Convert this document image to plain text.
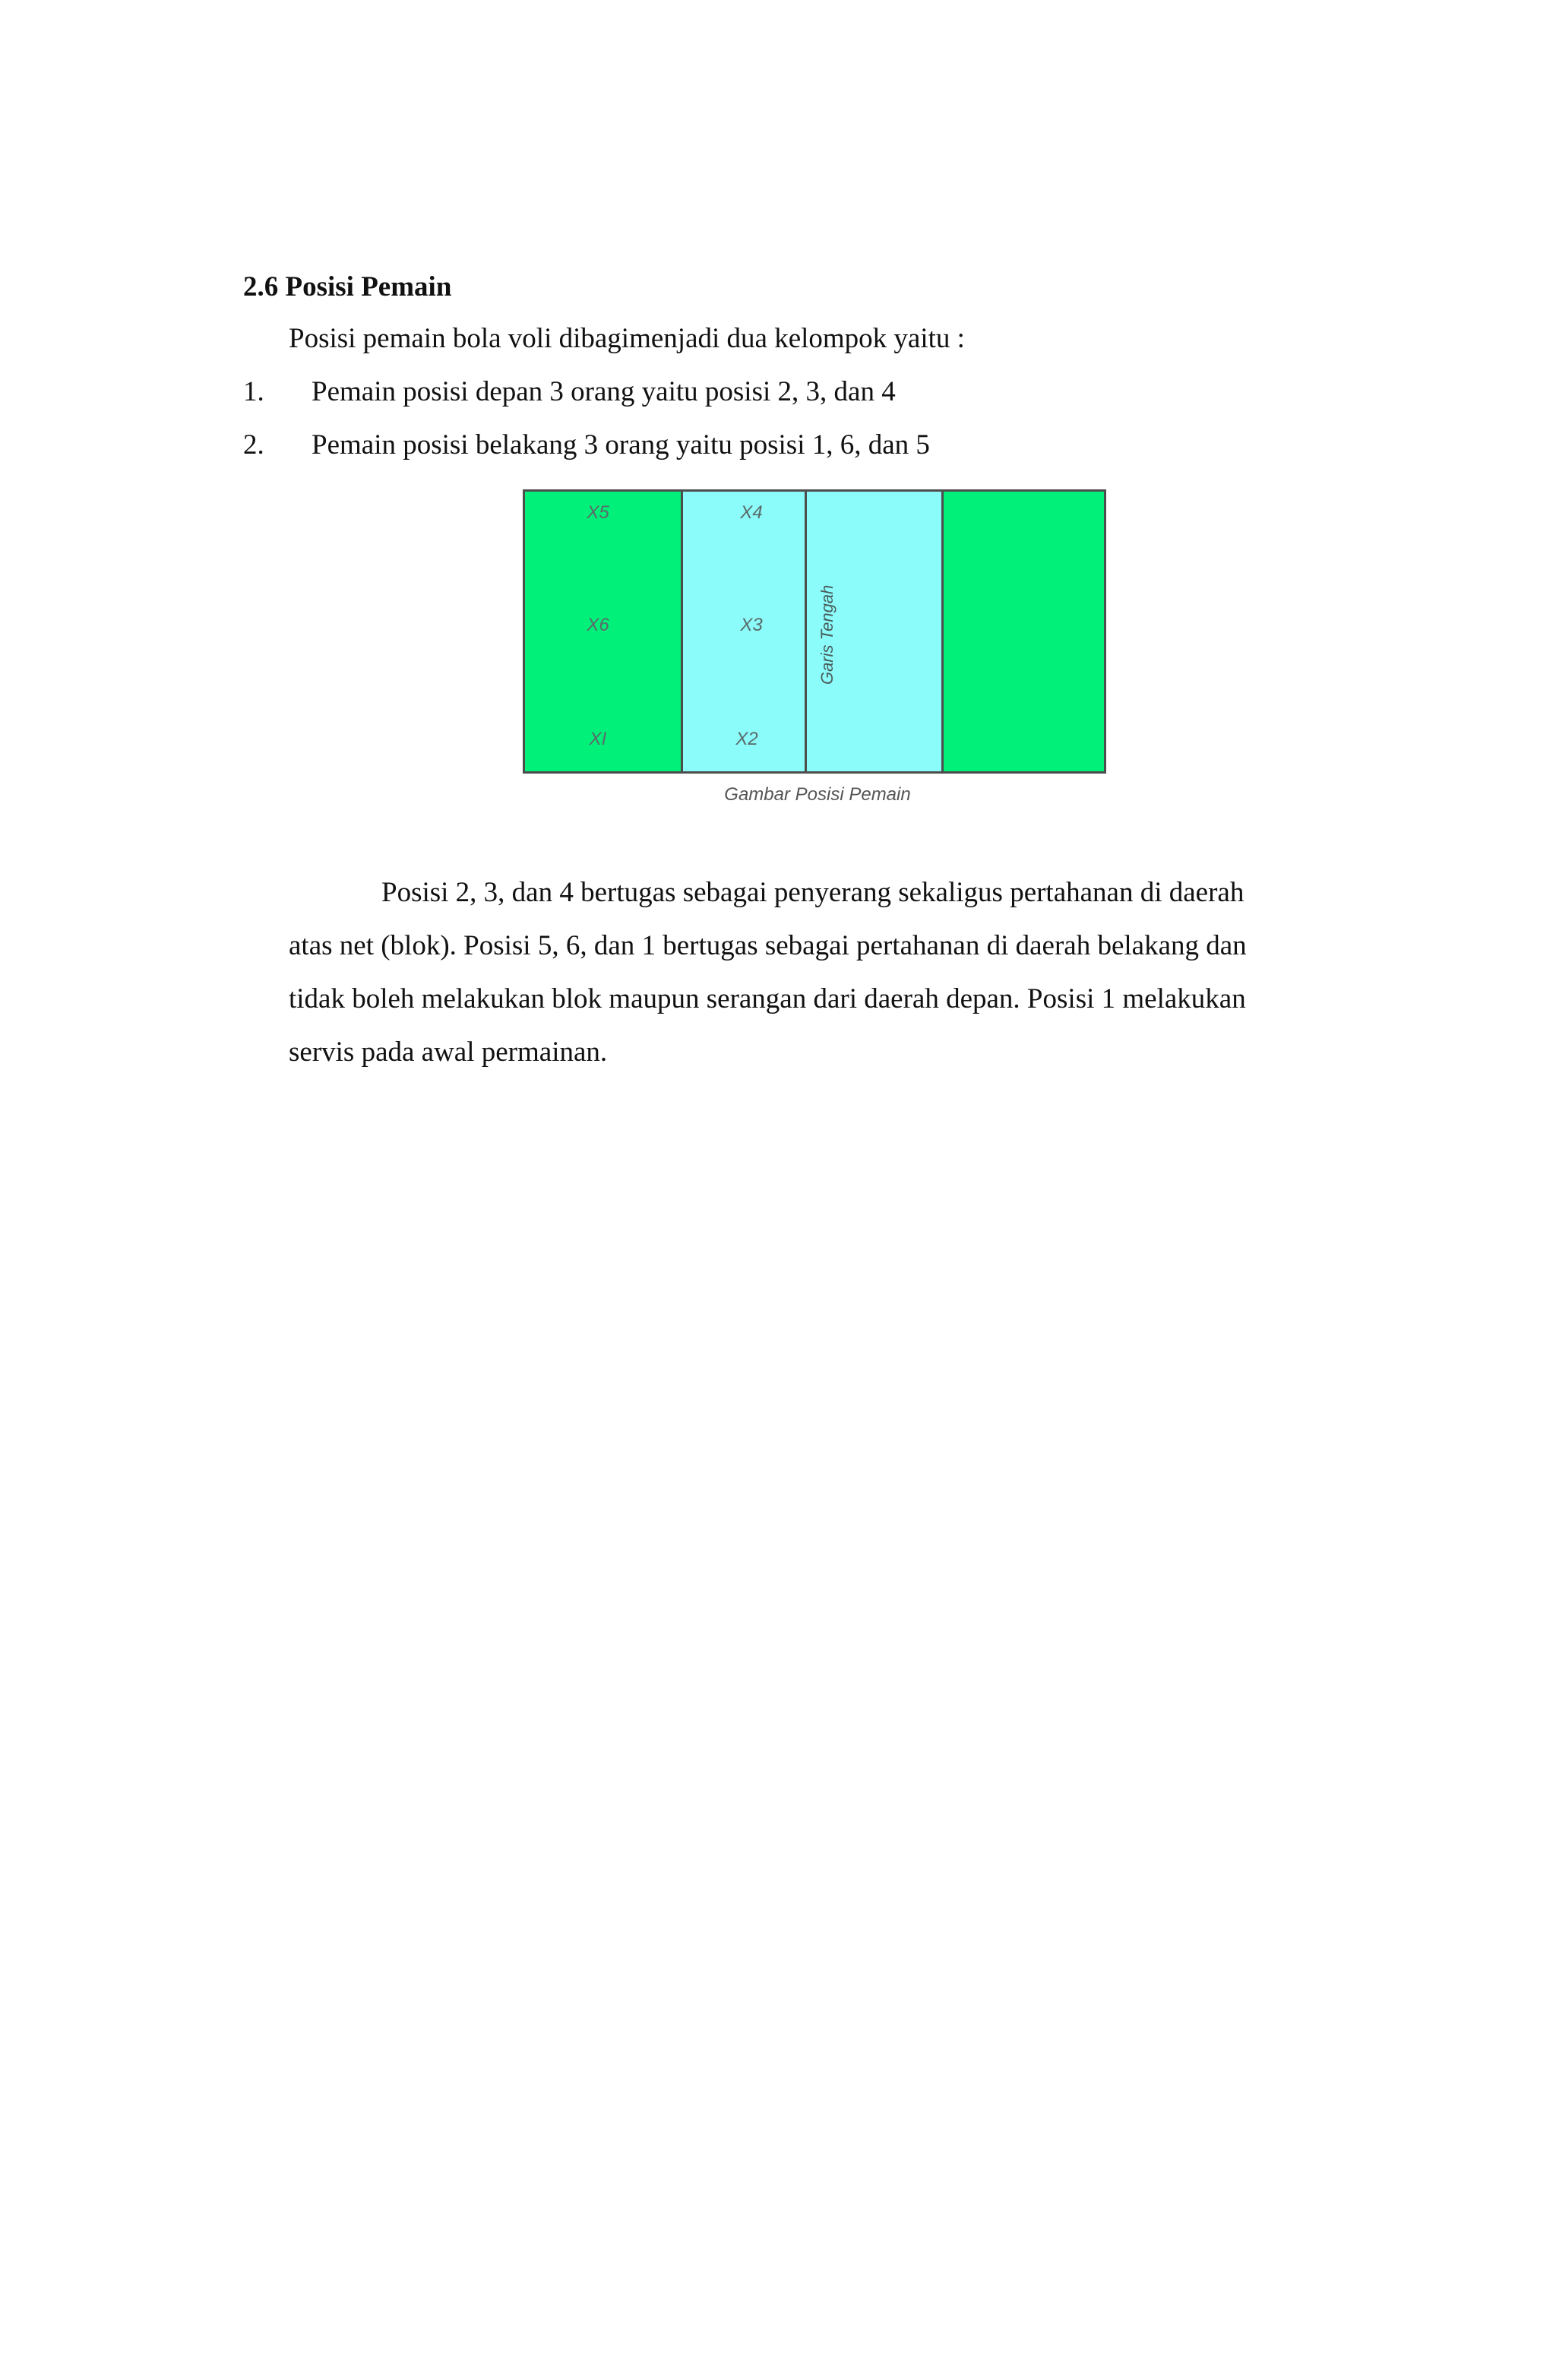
2.6 Posisi Pemain
Posisi pemain bola voli dibagimenjadi dua kelompok yaitu :
1. Pemain posisi depan 3 orang yaitu posisi 2, 3, dan 4
2. Pemain posisi belakang 3 orang yaitu posisi 1, 6, dan 5
X5
X6
XI
X4
X3
X2
Garis Tengah
Gambar Posisi Pemain
Posisi 2, 3, dan 4 bertugas sebagai penyerang sekaligus pertahanan di daerah
atas net (blok). Posisi 5, 6, dan 1 bertugas sebagai pertahanan di daerah belakang dan
tidak boleh melakukan blok maupun serangan dari daerah depan. Posisi 1 melakukan
servis pada awal permainan.
